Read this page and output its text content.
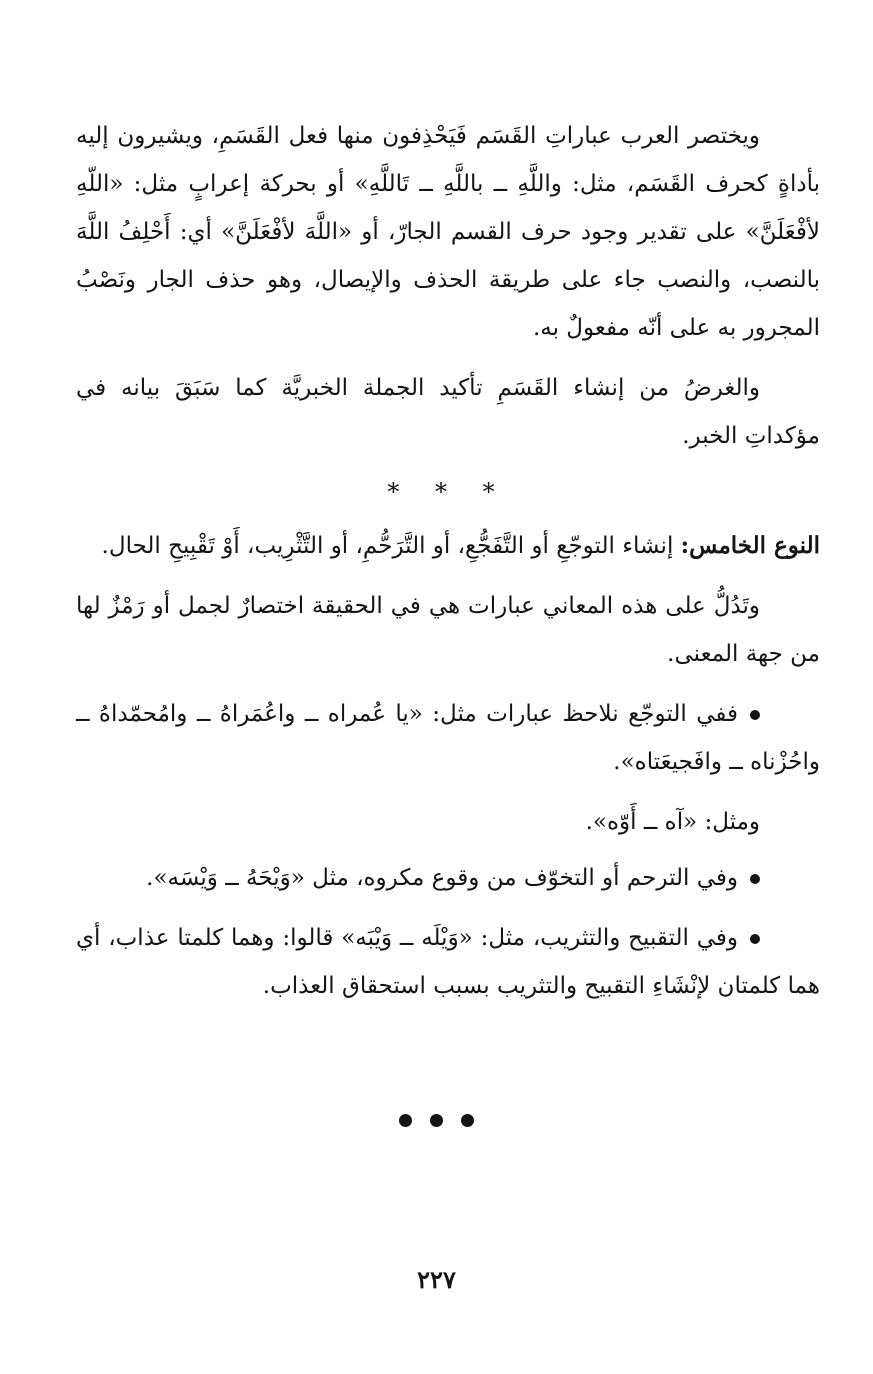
ويختصر العرب عباراتِ القَسَم فَيَحْذِفون منها فعل القَسَمِ، ويشيرون إليه بأداةٍ كحرف القَسَم، مثل: واللَّهِ ــ باللَّهِ ــ تَاللَّهِ» أو بحركة إعرابٍ مثل: «اللّهِ لأفْعَلَنَّ» على تقدير وجود حرف القسم الجارّ، أو «اللَّهَ لأفْعَلَنَّ» أي: أَحْلِفُ اللَّهَ بالنصب، والنصب جاء على طريقة الحذف والإيصال، وهو حذف الجار ونَصْبُ المجرور به على أنّه مفعولٌ به.

والغرضُ من إنشاء القَسَمِ تأكيد الجملة الخبريَّة كما سَبَقَ بيانه في مؤكداتِ الخبر.

* * *

النوع الخامس: إنشاء التوجّعِ أو التَّفَجُّعِ، أو التَّرَحُّمِ، أو التَّثْرِيب، أَوْ تَقْبِيحِ الحال.

وتَدُلُّ على هذه المعاني عبارات هي في الحقيقة اختصارٌ لجمل أو رَمْزٌ لها من جهة المعنى.

ففي التوجّع نلاحظ عبارات مثل: «يا عُمراه ــ واعُمَراهُ ــ وامُحمّداهُ ــ واحُزْناه ــ وافَجيعَتاه».

ومثل: «آه ــ أَوّه».

وفي الترحم أو التخوّف من وقوع مكروه، مثل «وَيْحَهُ ــ وَيْسَه».

وفي التقبيح والتثريب، مثل: «وَيْلَه ــ وَيْبَه» قالوا: وهما كلمتا عذاب، أي هما كلمتان لإنْشَاءِ التقبيح والتثريب بسبب استحقاق العذاب.

٢٢٧
